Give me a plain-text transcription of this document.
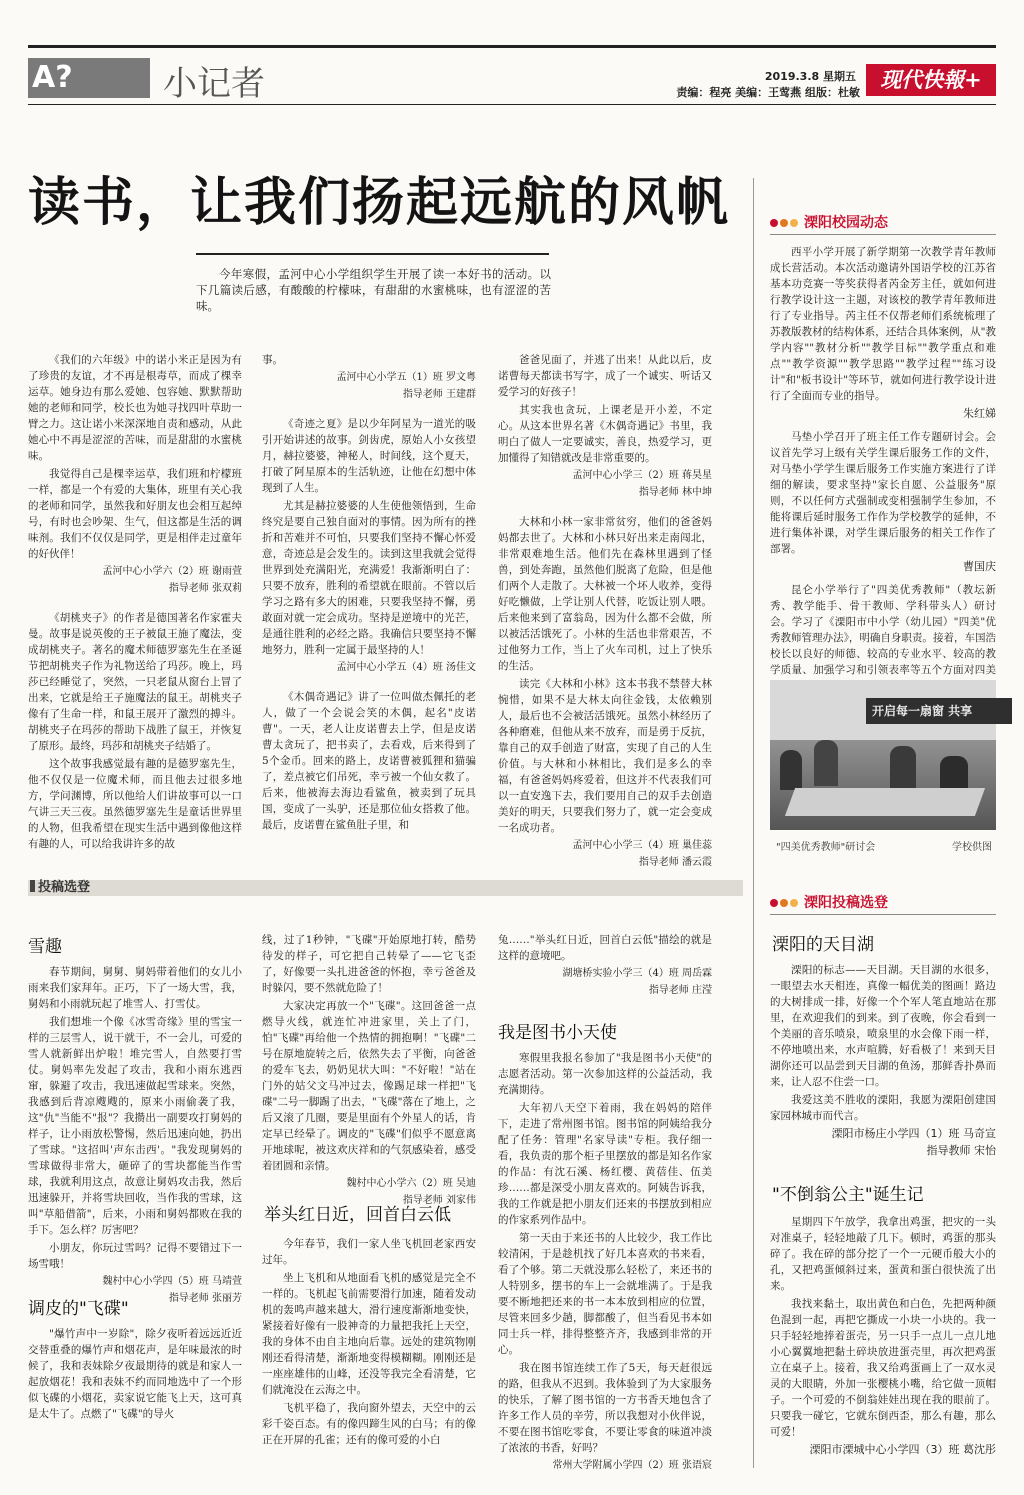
A?	小记者	2019.3.8 星期五
责编：程亮 美编：王莺燕 组版：杜敏
现代快報+
读书，让我们扬起远航的风帆
今年寒假，孟河中心小学组织学生开展了读一本好书的活动。以下几篇读后感，有酸酸的柠檬味，有甜甜的水蜜桃味，也有涩涩的苦味。

《我们的六年级》中的诺小米正是因为有了珍贵的友谊，才不再是根毒草，而成了棵幸运草。她身边有那么爱她、包容她、默默帮助她的老师和同学，校长也为她寻找四叶草助一臂之力。这让诺小米深深地自责和感动，从此她心中不再是涩涩的苦味，而是甜甜的水蜜桃味。

我觉得自己是棵幸运草，我们班和柠檬班一样，都是一个有爱的大集体，班里有关心我的老师和同学，虽然我和好朋友也会相互起绰号，有时也会吵架、生气，但这都是生活的调味剂。我们不仅仅是同学，更是相伴走过童年的好伙伴！

孟河中心小学六（2）班 谢雨萱
指导老师 张双莉

《胡桃夹子》的作者是德国著名作家霍夫曼。故事是说英俊的王子被鼠王施了魔法，变成胡桃夹子。著名的魔术师德罗塞先生在圣诞节把胡桃夹子作为礼物送给了玛莎。晚上，玛莎已经睡觉了，突然，一只老鼠从窗台上冒了出来，它就是给王子施魔法的鼠王。胡桃夹子像有了生命一样，和鼠王展开了激烈的搏斗。胡桃夹子在玛莎的帮助下战胜了鼠王，并恢复了原形。最终，玛莎和胡桃夹子结婚了。

这个故事我感觉最有趣的是德罗塞先生，他不仅仅是一位魔术师，而且他去过很多地方，学问渊博，所以他给人们讲故事可以一口气讲三天三夜。虽然德罗塞先生是童话世界里的人物，但我希望在现实生活中遇到像他这样有趣的人，可以给我讲许多的故

事。
孟河中心小学五（1）班 罗文粤
指导老师 王建群

《奇迹之夏》是以少年阿星为一道光的吸引开始讲述的故事。剑齿虎，原始人小女孩望月，赫拉婆婆，神秘人，时间线，这个夏天，打破了阿星原本的生活轨迹，让他在幻想中体现到了人生。

尤其是赫拉婆婆的人生使他领悟到，生命终究是要自己独自面对的事情。因为所有的挫折和苦难并不可怕，只要我们坚持不懈心怀爱意，奇迹总是会发生的。读到这里我就会觉得世界到处充满阳光，充满爱！我渐渐明白了：只要不放弃，胜利的希望就在眼前。不管以后学习之路有多大的困难，只要我坚持不懈，勇敢面对就一定会成功。坚持是逆境中的光芒，是通往胜利的必经之路。我确信只要坚持不懈地努力，胜利一定属于最坚持的人！

孟河中心小学五（4）班 汤佳文

《木偶奇遇记》讲了一位叫做杰佩托的老人，做了一个会说会笑的木偶，起名"皮诺曹"。一天，老人让皮诺曹去上学，但是皮诺曹太贪玩了，把书卖了，去看戏，后来得到了5个金币。回来的路上，皮诺曹被狐狸和猫骗了，差点被它们吊死，幸亏被一个仙女救了。后来，他被海去海边看鲨鱼，被卖到了玩具国，变成了一头驴，还是那位仙女搭救了他。最后，皮诺曹在鲨鱼肚子里，和

爸爸见面了，并逃了出来！从此以后，皮诺曹每天都读书写字，成了一个诚实、听话又爱学习的好孩子！

其实我也贪玩，上课老是开小差，不定心。从这本世界名著《木偶奇遇记》书里，我明白了做人一定要诚实，善良，热爱学习，更加懂得了知错就改是非常重要的。

孟河中心小学三（2）班 蒋昊星
指导老师 林中坤

大林和小林一家非常贫穷，他们的爸爸妈妈都去世了。大林和小林只好出来走南闯北，非常艰难地生活。他们先在森林里遇到了怪兽，到处奔跑，虽然他们脱离了危险，但是他们两个人走散了。大林被一个坏人收养，变得好吃懒做，上学让别人代替，吃饭让别人喂。后来他来到了富翁岛，因为什么都不会做，所以被活活饿死了。小林的生活也非常艰苦，不过他努力工作，当上了火车司机，过上了快乐的生活。

读完《大林和小林》这本书我不禁替大林惋惜，如果不是大林太向往金钱，太依赖别人，最后也不会被活活饿死。虽然小林经历了各种磨难，但他从来不放弃，而是勇于反抗，靠自己的双手创造了财富，实现了自己的人生价值。与大林和小林相比，我们是多么的幸福，有爸爸妈妈疼爱着，但这并不代表我们可以一直安逸下去，我们要用自己的双手去创造美好的明天，只要我们努力了，就一定会变成一名成功者。

孟河中心小学三（4）班 巢佳蕊
指导老师 潘云霞
投稿选登
雪趣

春节期间，舅舅、舅妈带着他们的女儿小雨来我们家拜年。正巧，下了一场大雪，我，舅妈和小雨就玩起了堆雪人、打雪仗。

我们想堆一个像《冰雪奇缘》里的雪宝一样的三层雪人，说干就干，不一会儿，可爱的雪人就新鲜出炉啦！堆完雪人，自然要打雪仗。舅妈率先发起了攻击，我和小雨东逃西窜，躲避了攻击，我迅速做起雪球来。突然，我感到后背凉飕飕的，原来小雨偷袭了我，这"仇"当能不"报"？我攒出一副要攻打舅妈的样子，让小雨放松警惕，然后迅速向她，扔出了雪球。"这招叫'声东击西'。"我发现舅妈的雪球做得非常大，砸碎了的雪块都能当作雪球，我就利用这点，故意让舅妈攻击我，然后迅速躲开，并将雪块回收，当作我的雪球，这叫"草船借箭"，后来，小雨和舅妈都败在我的手下。怎么样？厉害吧？

小朋友，你玩过雪吗？记得不要错过下一场雪哦！

魏村中心小学四（5）班 马靖萱
指导老师 张丽芳
调皮的"飞碟"

"爆竹声中一岁除"，除夕夜听着远远近近交替重叠的爆竹声和烟花声，是年味最浓的时候了，我和表妹除夕夜最期待的就是和家人一起放烟花！我和表妹不约而同地选中了一个形似飞碟的小烟花，卖家说它能飞上天，这可真是太牛了。点燃了"飞碟"的导火

线，过了1秒钟，"飞碟"开始原地打转，酷势待发的样子，可它把自己转晕了——它飞歪了，好像要一头扎进爸爸的怀抱，幸亏爸爸及时躲闪，要不然就危险了！

大家决定再放一个"飞碟"。这回爸爸一点燃导火线，就连忙冲进家里，关上了门，怕"飞碟"再给他一个热情的拥抱啊！"飞碟"二号在原地旋转之后，依然失去了平衡，向爸爸的爱车飞去，奶奶见状大叫："不好啦！"站在门外的姑父文马冲过去，像踢足球一样把"飞碟"二号一脚踢了出去，"飞碟"落在了地上，之后又滚了几圈，要是里面有个外星人的话，肯定早已经晕了。调皮的"飞碟"们似乎不愿意离开地球呢，被这欢庆祥和的气氛感染着，感受着团圆和亲情。

魏村中心小学六（2）班 吴迪
指导老师 刘家伟
举头红日近，回首白云低

今年春节，我们一家人坐飞机回老家西安过年。

坐上飞机和从地面看飞机的感觉是完全不一样的。飞机起飞前需要滑行加速，随着发动机的轰鸣声越来越大，滑行速度渐渐地变快，紧接着好像有一股神奇的力量把我托上天空，我的身体不由自主地向后靠。远处的建筑物刚刚还看得清楚，渐渐地变得模糊糊。刚刚还是一座座雄伟的山峰，还没等我完全看清楚，它们就淹没在云海之中。

飞机平稳了，我向窗外望去，天空中的云彩千姿百态。有的像四蹄生风的白马；有的像正在开屏的孔雀；还有的像可爱的小白

兔……"举头红日近，回首白云低"描绘的就是这样的意境吧。
湖塘桥实验小学三（4）班 周岳霖
指导老师 庄滢
我是图书小天使

寒假里我报名参加了"我是图书小天使"的志愿者活动。第一次参加这样的公益活动，我充满期待。

大年初八天空下着雨，我在妈妈的陪伴下，走进了常州图书馆。图书馆的阿姨给我分配了任务：管理"名家导读"专柜。我仔细一看，我负责的那个柜子里摆放的都是知名作家的作品：有沈石溪、杨红樱、黄蓓佳、伍美珍……都是深受小朋友喜欢的。阿姨告诉我，我的工作就是把小朋友们还来的书摆放到相应的作家系列作品中。

第一天由于来还书的人比较少，我工作比较清闲，于是趁机找了好几本喜欢的书来看，看了个够。第二天就没那么轻松了，来还书的人特别多，摆书的车上一会就堆满了。于是我要不断地把还来的书一本本放到相应的位置，尽管来回多少趟，脚都酸了，但当看见书本如同士兵一样，排得整整齐齐，我感到非常的开心。

我在图书馆连续工作了5天，每天赶很远的路，但我从不迟到。我体验到了为大家服务的快乐，了解了图书馆的一方书香天地包含了许多工作人员的辛劳，所以我想对小伙伴说，不要在图书馆吃零食，不要让零食的味道冲淡了浓浓的书香，好吗？

常州大学附属小学四（2）班 张语宸
溧阳校园动态

西平小学开展了新学期第一次教学青年教师成长营活动。本次活动邀请外国语学校的江苏省基本功竞赛一等奖获得者芮金芳主任，就如何进行教学设计这一主题，对该校的教学青年教师进行了专业指导。芮主任不仅帮老师们系统梳理了苏教版教材的结构体系，还结合具体案例，从"教学内容""教材分析""教学目标""教学重点和难点""教学资源""教学思路""教学过程""练习设计"和"板书设计"等环节，就如何进行教学设计进行了全面而专业的指导。

朱红娣

马垫小学召开了班主任工作专题研讨会。会议首先学习上级有关学生课后服务工作的文件，对马垫小学学生课后服务工作实施方案进行了详细的解读，要求坚持"家长自愿、公益服务"原则，不以任何方式强制或变相强制学生参加，不能将课后延时服务工作作为学校教学的延伸，不进行集体补课，对学生课后服务的相关工作作了部署。

曹国庆

昆仑小学举行了"四美优秀教师"（教坛新秀、教学能手、骨干教师、学科带头人）研讨会。学习了《溧阳市中小学（幼儿园）"四美"优秀教师管理办法》，明确自身职责。接着，车国浩校长以良好的师德、较高的专业水平、较高的教学质量、加强学习和引领表率等五个方面对四美

开启每一扇窗 共享
"四美优秀教师"研讨会	学校供图
溧阳投稿选登
溧阳的天目湖

溧阳的标志——天目湖。天目湖的水很多，一眼望去水天相连，真像一幅优美的图画！路边的大树排成一排，好像一个个军人笔直地站在那里，在欢迎我们的到来。到了夜晚，你会看到一个美丽的音乐喷泉，喷泉里的水会像下雨一样，不停地喷出来，水声喧腾，好看极了！来到天目湖你还可以品尝到天目湖的鱼汤，那鲜香扑鼻而来，让人忍不住尝一口。

我爱这美不胜收的溧阳，我愿为溧阳创建国家园林城市而代言。

溧阳市杨庄小学四（1）班 马奇宣
指导教师 宋怡
"不倒翁公主"诞生记

星期四下午放学，我拿出鸡蛋，把灾的一头对准桌子，轻轻地敲了几下。顿时，鸡蛋的那头碎了。我在碎的部分挖了一个一元硬币般大小的孔，又把鸡蛋倾斜过来，蛋黄和蛋白很快流了出来。

我找来黏土，取出黄色和白色，先把两种颜色混到一起，再把它撕成一小块一小块的。我一只手轻轻地捧着蛋壳，另一只手一点儿一点儿地小心翼翼地把黏土碎块放进蛋壳里，再次把鸡蛋立在桌子上。接着，我又给鸡蛋画上了一双水灵灵的大眼睛，外加一张樱桃小嘴，给它做一顶帽子。一个可爱的不倒翁娃娃出现在我的眼前了。只要我一碰它，它就东倒西歪，那么有趣，那么可爱！

溧阳市溧城中心小学四（3）班 葛沈彤
